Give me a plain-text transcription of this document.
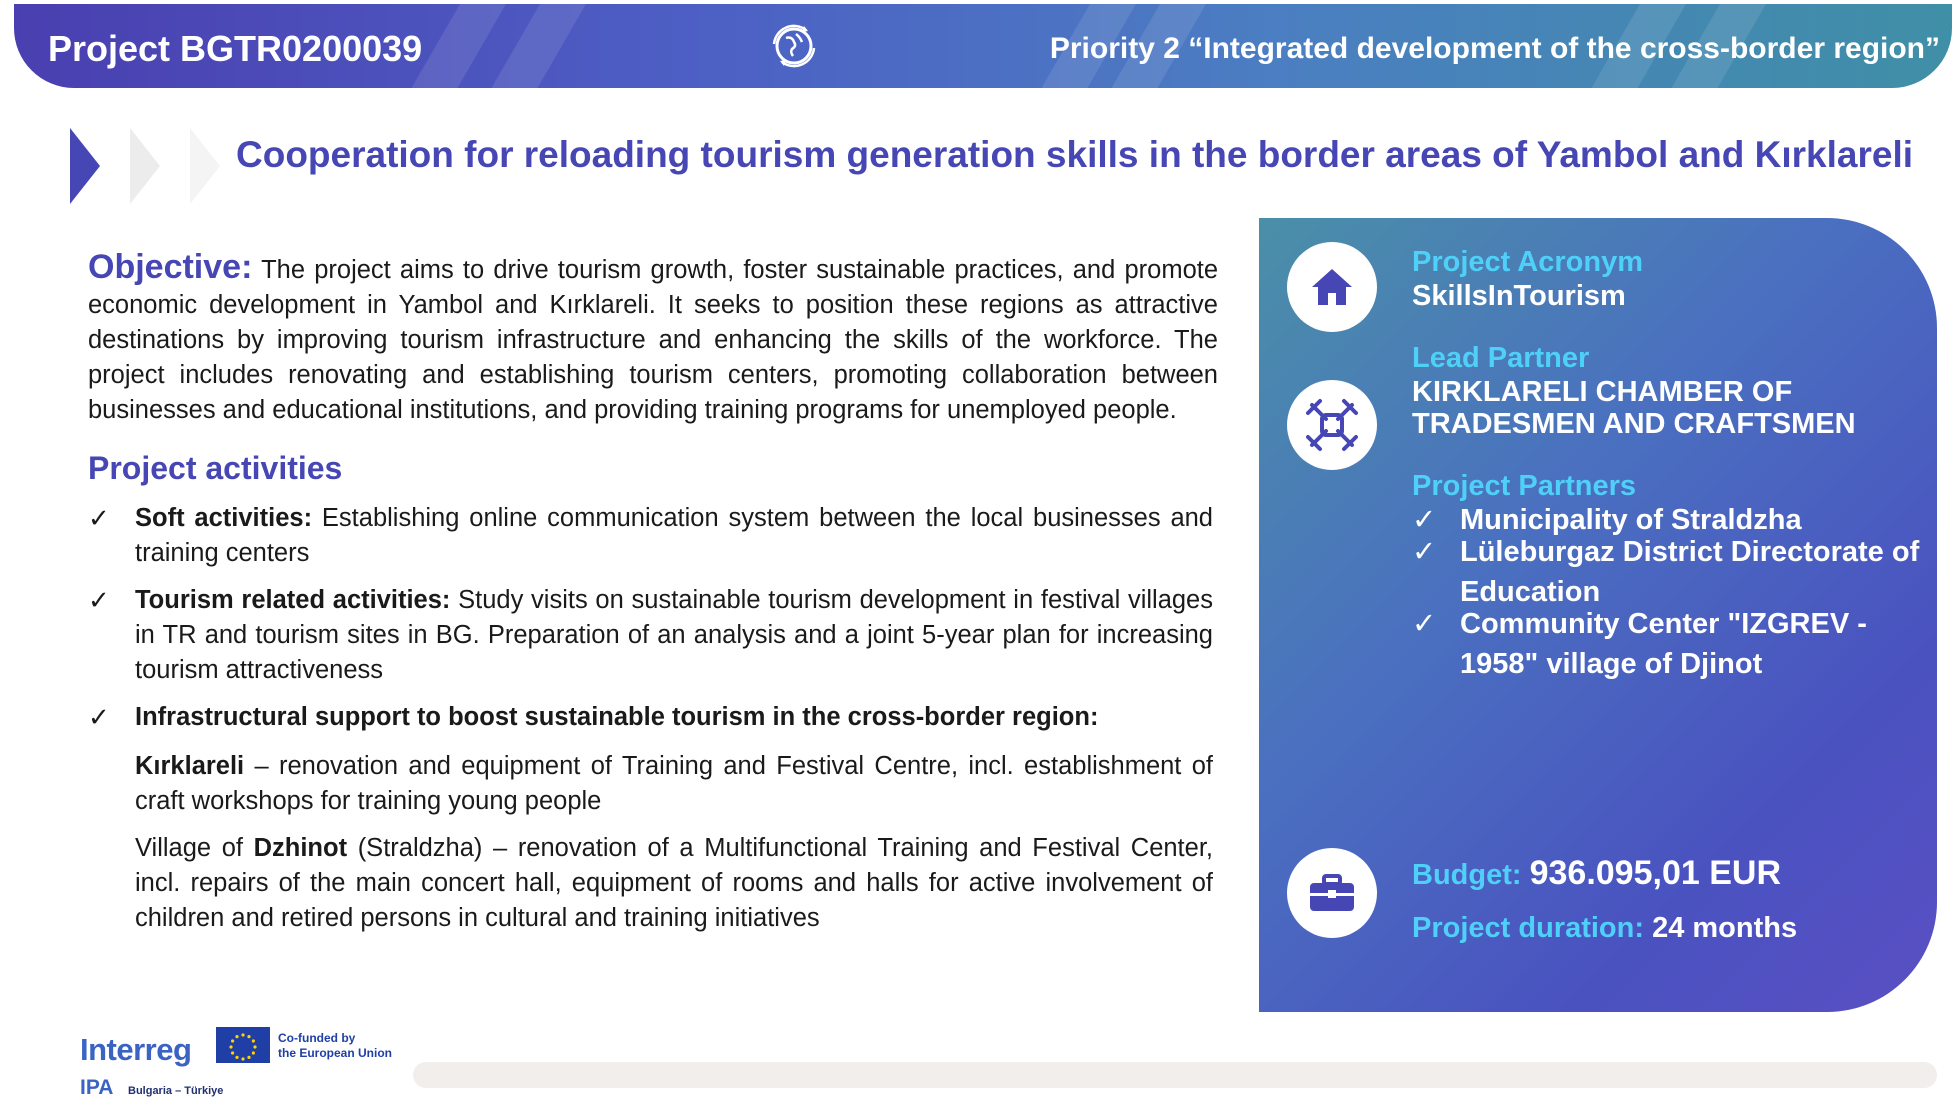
Project BGTR0200039	Priority 2 “Integrated development of the cross-border region”
Cooperation for reloading tourism generation skills in the border areas of Yambol and Kırklareli

Objective: The project aims to drive tourism growth, foster sustainable practices, and promote economic development in Yambol and Kırklareli. It seeks to position these regions as attractive destinations by improving tourism infrastructure and enhancing the skills of the workforce. The project includes renovating and establishing tourism centers, promoting collaboration between businesses and educational institutions, and providing training programs for unemployed people.

Project activities
✓ Soft activities: Establishing online communication system between the local businesses and training centers
✓ Tourism related activities: Study visits on sustainable tourism development in festival villages in TR and tourism sites in BG. Preparation of an analysis and a joint 5-year plan for increasing tourism attractiveness
✓ Infrastructural support to boost sustainable tourism in the cross-border region:

Kırklareli – renovation and equipment of Training and Festival Centre, incl. establishment of craft workshops for training young people

Village of Dzhinot (Straldzha) – renovation of a Multifunctional Training and Festival Center, incl. repairs of the main concert hall, equipment of rooms and halls for active involvement of children and retired persons in cultural and training initiatives

Project Acronym
SkillsInTourism
Lead Partner
KIRKLARELI CHAMBER OF
TRADESMEN AND CRAFTSMEN
Project Partners
✓ Municipality of Straldzha
✓ Lüleburgaz District Directorate of Education
✓ Community Center "IZGREV - 1958" village of Djinot
Budget: 936.095,01 EUR
Project duration: 24 months
Interreg	Co-funded by
the European Union
IPA Bulgaria – Türkiye
